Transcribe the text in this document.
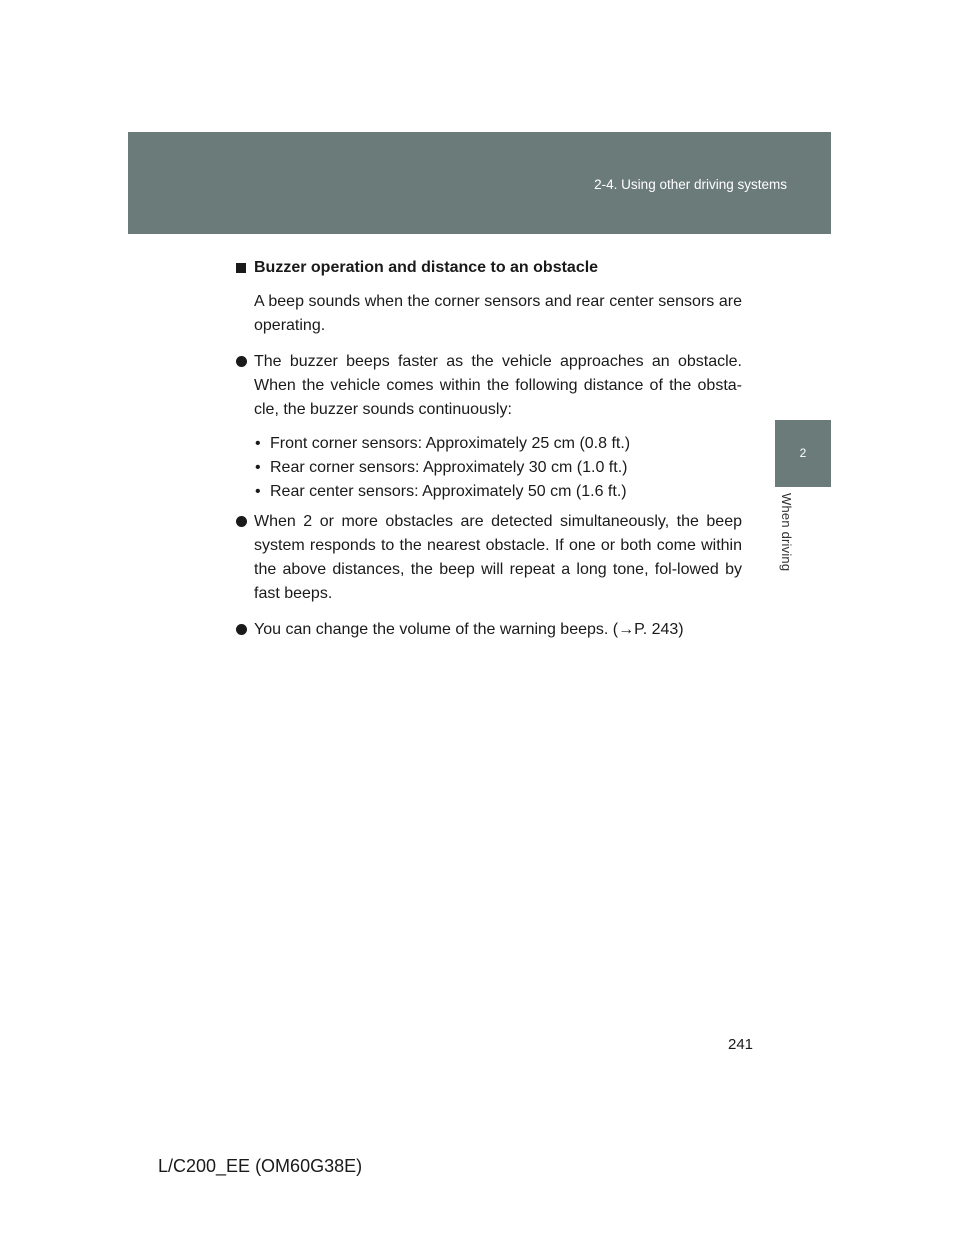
2-4. Using other driving systems
2
When driving
Buzzer operation and distance to an obstacle
A beep sounds when the corner sensors and rear center sensors are operating.
The buzzer beeps faster as the vehicle approaches an obstacle. When the vehicle comes within the following distance of the obsta-cle, the buzzer sounds continuously:
• Front corner sensors: Approximately 25 cm (0.8 ft.)
• Rear corner sensors: Approximately 30 cm (1.0 ft.)
• Rear center sensors: Approximately 50 cm (1.6 ft.)
When 2 or more obstacles are detected simultaneously, the beep system responds to the nearest obstacle. If one or both come within the above distances, the beep will repeat a long tone, fol-lowed by fast beeps.
You can change the volume of the warning beeps. (→P. 243)
241
L/C200_EE (OM60G38E)
